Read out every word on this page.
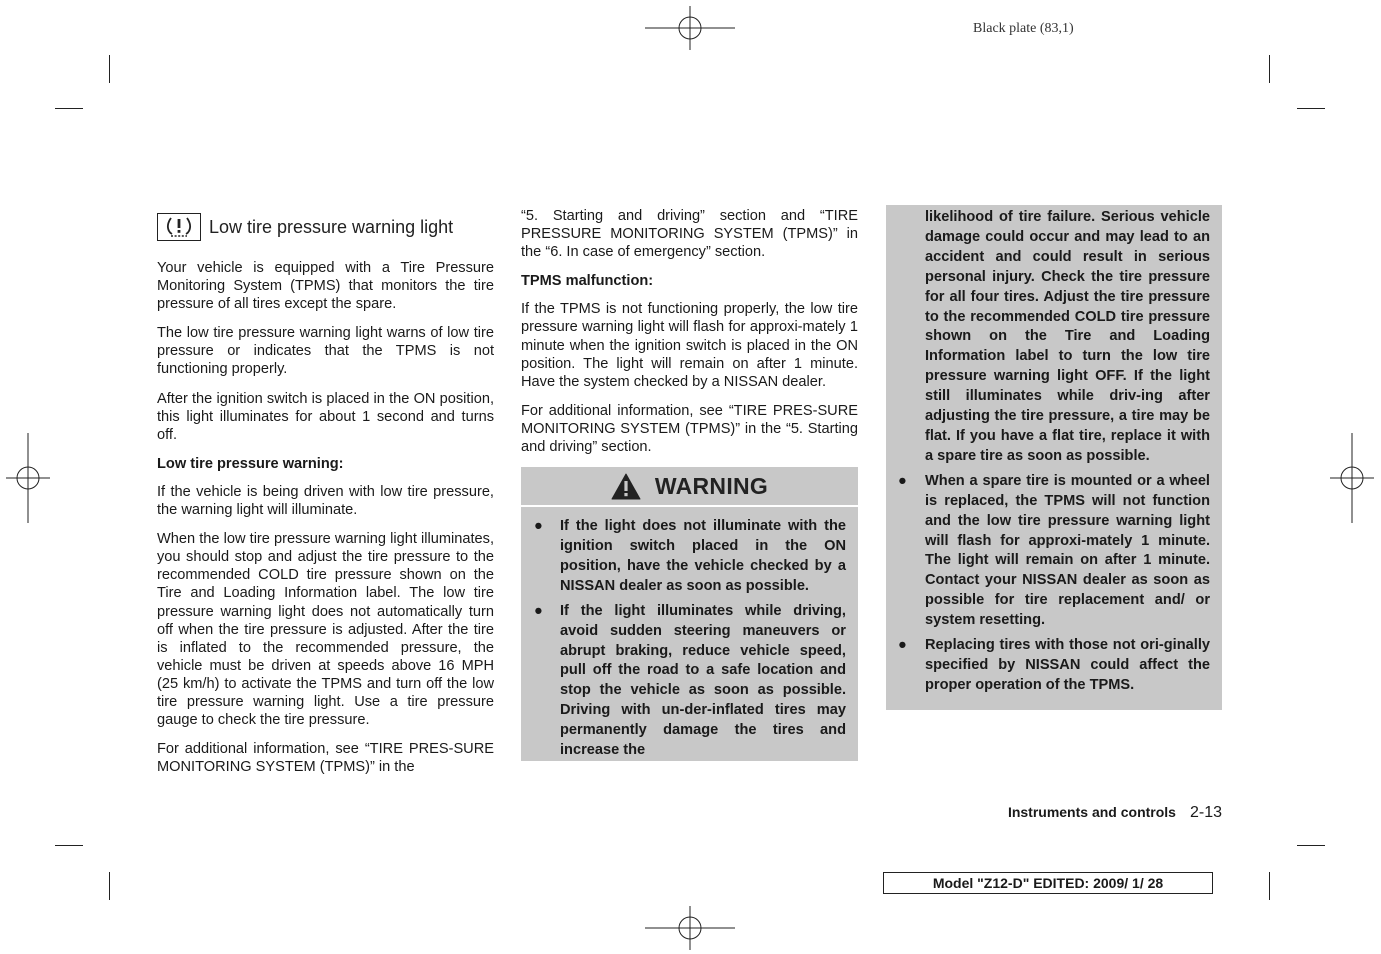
Black plate (83,1)
Low tire pressure warning light

Your vehicle is equipped with a Tire Pressure Monitoring System (TPMS) that monitors the tire pressure of all tires except the spare.

The low tire pressure warning light warns of low tire pressure or indicates that the TPMS is not functioning properly.

After the ignition switch is placed in the ON position, this light illuminates for about 1 second and turns off.

Low tire pressure warning:

If the vehicle is being driven with low tire pressure, the warning light will illuminate.

When the low tire pressure warning light illuminates, you should stop and adjust the tire pressure to the recommended COLD tire pressure shown on the Tire and Loading Information label. The low tire pressure warning light does not automatically turn off when the tire pressure is adjusted. After the tire is inflated to the recommended pressure, the vehicle must be driven at speeds above 16 MPH (25 km/h) to activate the TPMS and turn off the low tire pressure warning light. Use a tire pressure gauge to check the tire pressure.

For additional information, see “TIRE PRES-SURE MONITORING SYSTEM (TPMS)” in the

“5. Starting and driving” section and “TIRE PRESSURE MONITORING SYSTEM (TPMS)” in the “6. In case of emergency” section.

TPMS malfunction:

If the TPMS is not functioning properly, the low tire pressure warning light will flash for approxi-mately 1 minute when the ignition switch is placed in the ON position. The light will remain on after 1 minute. Have the system checked by a NISSAN dealer.

For additional information, see “TIRE PRES-SURE MONITORING SYSTEM (TPMS)” in the “5. Starting and driving” section.

WARNING
●	If the light does not illuminate with the ignition switch placed in the ON position, have the vehicle checked by a NISSAN dealer as soon as possible.
●	If the light illuminates while driving, avoid sudden steering maneuvers or abrupt braking, reduce vehicle speed, pull off the road to a safe location and stop the vehicle as soon as possible. Driving with un-der-inflated tires may permanently damage the tires and increase the
likelihood of tire failure. Serious vehicle damage could occur and may lead to an accident and could result in serious personal injury. Check the tire pressure for all four tires. Adjust the tire pressure to the recommended COLD tire pressure shown on the Tire and Loading Information label to turn the low tire pressure warning light OFF. If the light still illuminates while driv-ing after adjusting the tire pressure, a tire may be flat. If you have a flat tire, replace it with a spare tire as soon as possible.
● When a spare tire is mounted or a wheel is replaced, the TPMS will not function and the low tire pressure warning light will flash for approxi-mately 1 minute. The light will remain on after 1 minute. Contact your NISSAN dealer as soon as possible for tire replacement and/ or system resetting.
● Replacing tires with those not ori-ginally specified by NISSAN could affect the proper operation of the TPMS.
Instruments and controls 2-13
Model "Z12-D" EDITED: 2009/ 1/ 28
